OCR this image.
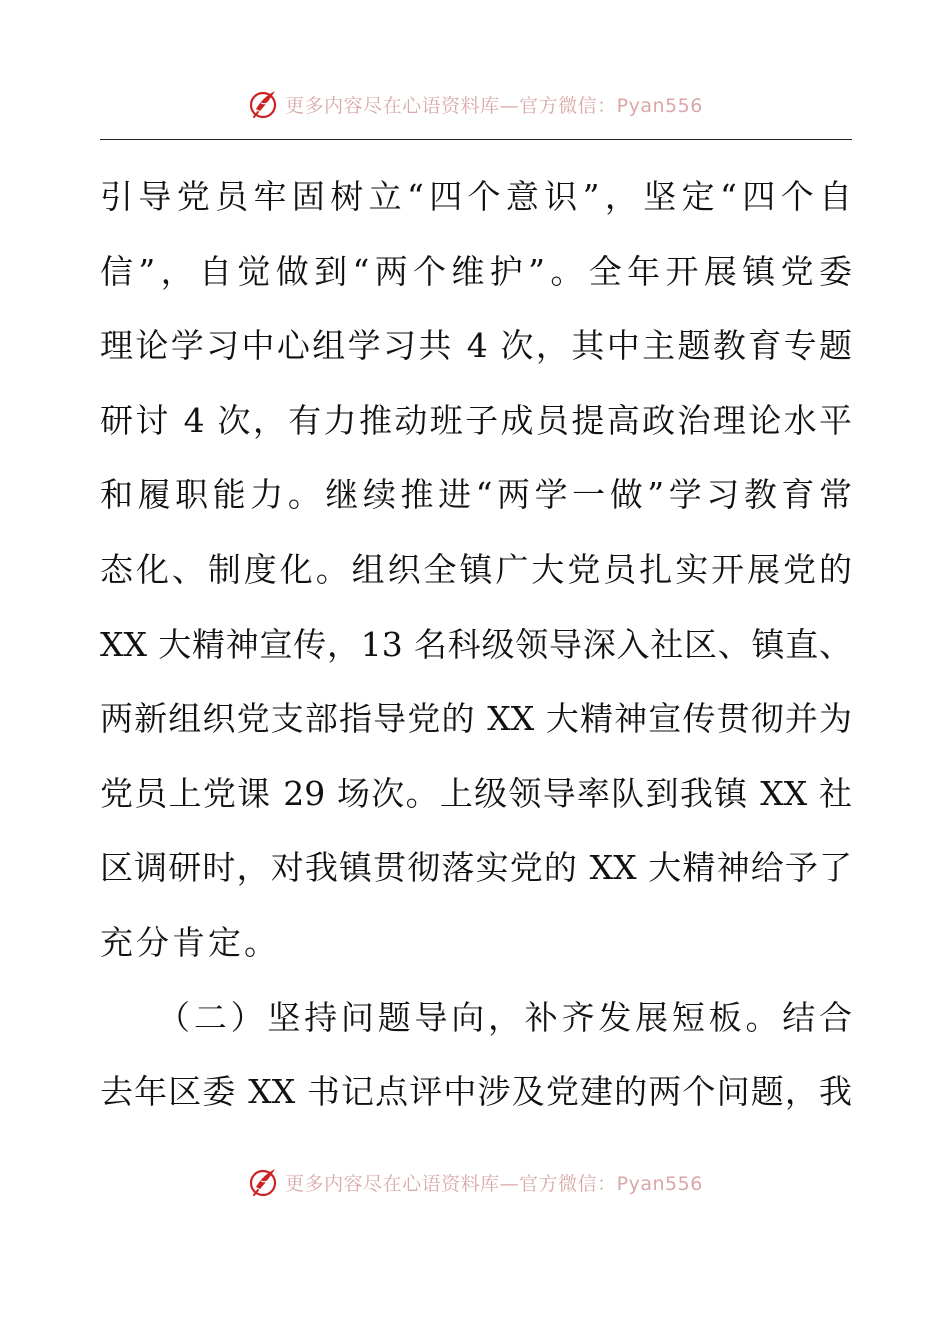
更多内容尽在心语资料库—官方微信：Pyan556
引导党员牢固树立“四个意识”，坚定“四个自
信”，自觉做到“两个维护”。全年开展镇党委
理论学习中心组学习共 4 次，其中主题教育专题
研讨 4 次，有力推动班子成员提高政治理论水平
和履职能力。继续推进“两学一做”学习教育常
态化、制度化。组织全镇广大党员扎实开展党的
XX 大精神宣传，13 名科级领导深入社区、镇直、
两新组织党支部指导党的 XX 大精神宣传贯彻并为
党员上党课 29 场次。上级领导率队到我镇 XX 社
区调研时，对我镇贯彻落实党的 XX 大精神给予了
充分肯定。
　　（二）坚持问题导向，补齐发展短板。结合
去年区委 XX 书记点评中涉及党建的两个问题，我
更多内容尽在心语资料库—官方微信：Pyan556
